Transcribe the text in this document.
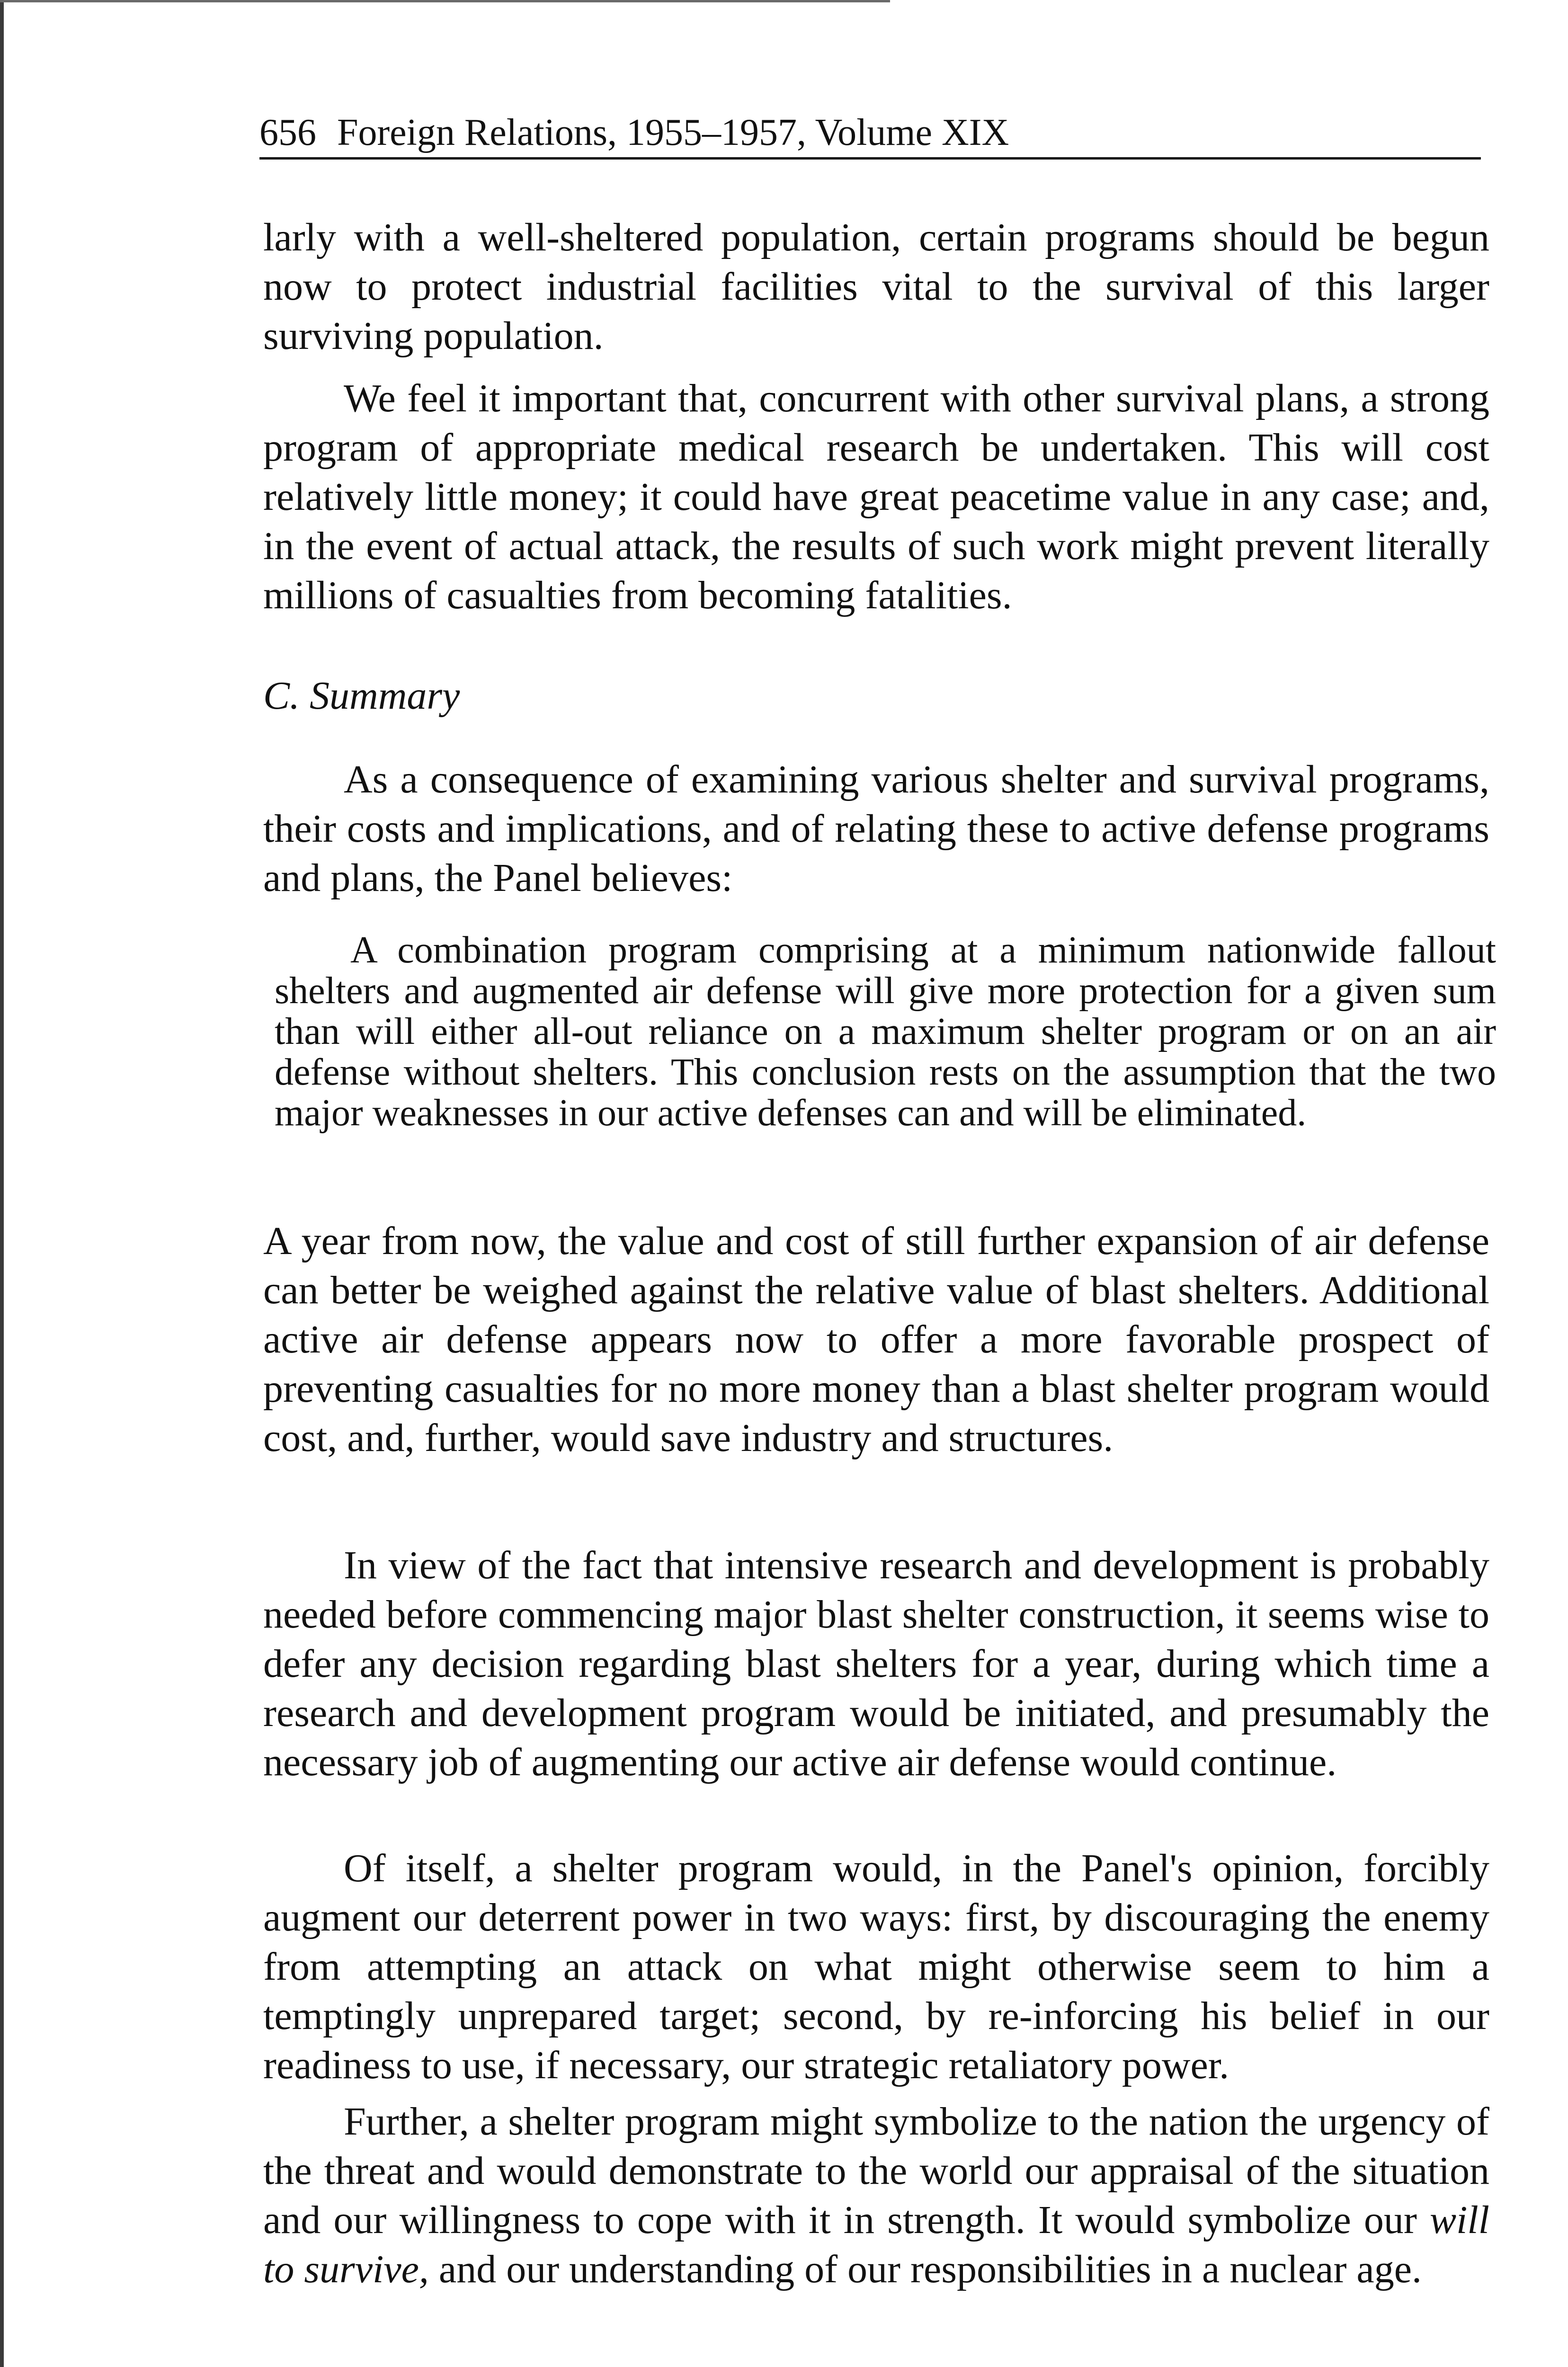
656 Foreign Relations, 1955–1957, Volume XIX

larly with a well-sheltered population, certain programs should be begun now to protect industrial facilities vital to the survival of this larger surviving population.

We feel it important that, concurrent with other survival plans, a strong program of appropriate medical research be undertaken. This will cost relatively little money; it could have great peacetime value in any case; and, in the event of actual attack, the results of such work might prevent literally millions of casualties from becoming fatalities.

C. Summary

As a consequence of examining various shelter and survival programs, their costs and implications, and of relating these to active defense programs and plans, the Panel believes:

A combination program comprising at a minimum nationwide fallout shelters and augmented air defense will give more protection for a given sum than will either all-out reliance on a maximum shelter program or on an air defense without shelters. This conclusion rests on the assumption that the two major weaknesses in our active defenses can and will be eliminated.

A year from now, the value and cost of still further expansion of air defense can better be weighed against the relative value of blast shelters. Additional active air defense appears now to offer a more favorable prospect of preventing casualties for no more money than a blast shelter program would cost, and, further, would save industry and structures.

In view of the fact that intensive research and development is probably needed before commencing major blast shelter construction, it seems wise to defer any decision regarding blast shelters for a year, during which time a research and development program would be initiated, and presumably the necessary job of augmenting our active air defense would continue.

Of itself, a shelter program would, in the Panel's opinion, forcibly augment our deterrent power in two ways: first, by discouraging the enemy from attempting an attack on what might otherwise seem to him a temptingly unprepared target; second, by re-inforcing his belief in our readiness to use, if necessary, our strategic retaliatory power.

Further, a shelter program might symbolize to the nation the urgency of the threat and would demonstrate to the world our appraisal of the situation and our willingness to cope with it in strength. It would symbolize our will to survive, and our understanding of our responsibilities in a nuclear age.
